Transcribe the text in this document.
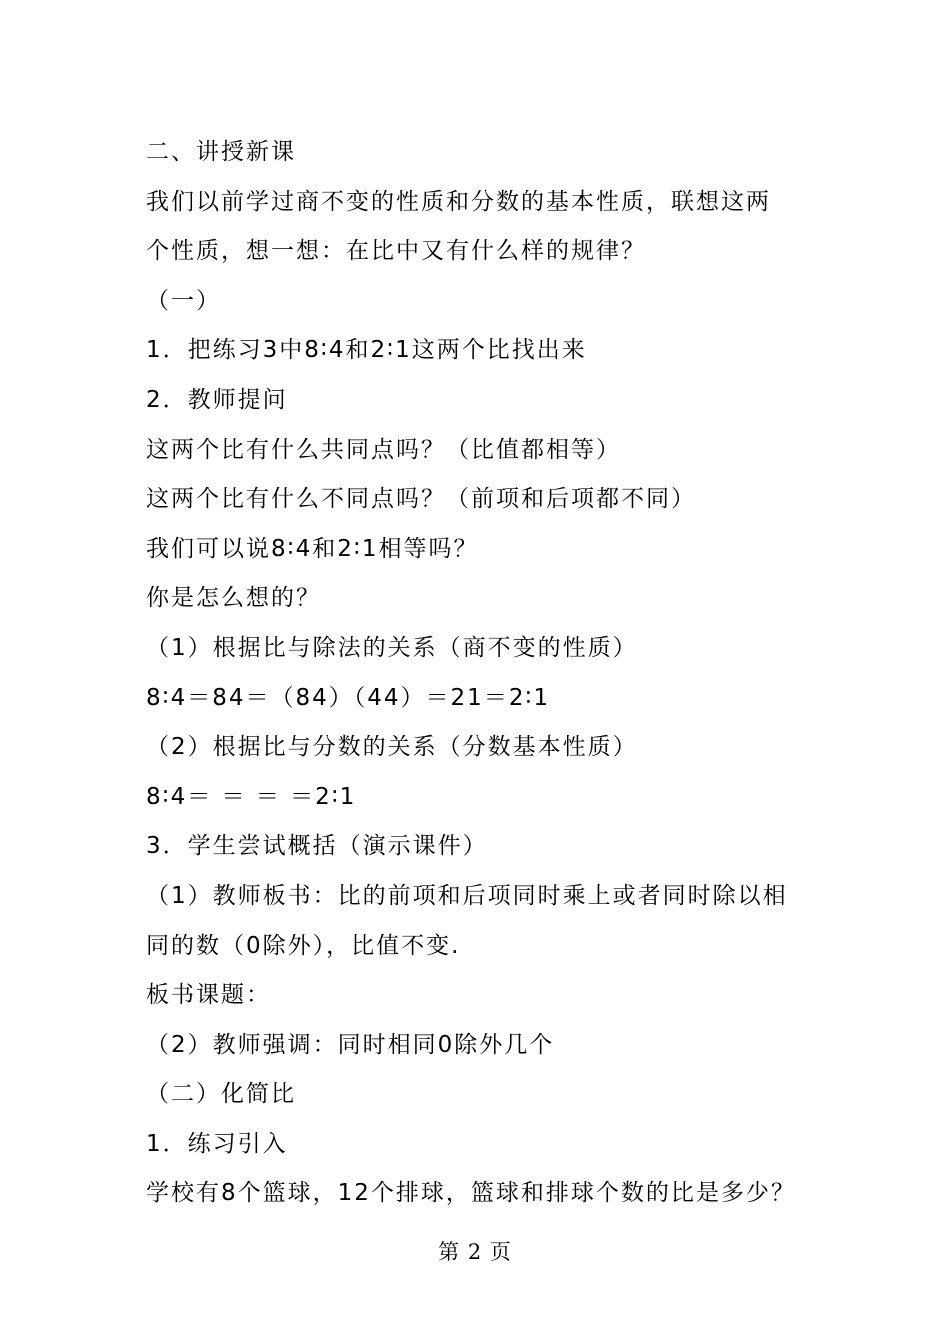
二、讲授新课
我们以前学过商不变的性质和分数的基本性质，联想这两
个性质，想一想：在比中又有什么样的规律？
（一）
1．把练习3中8∶4和2∶1这两个比找出来
2．教师提问
这两个比有什么共同点吗？（比值都相等）
这两个比有什么不同点吗？（前项和后项都不同）
我们可以说8∶4和2∶1相等吗？
你是怎么想的？
（1）根据比与除法的关系（商不变的性质）
8∶4＝84＝（84）（44）＝21＝2∶1
（2）根据比与分数的关系（分数基本性质）
8∶4＝ ＝ ＝ ＝2∶1
3．学生尝试概括（演示课件）
（1）教师板书：比的前项和后项同时乘上或者同时除以相
同的数（0除外），比值不变.
板书课题：
（2）教师强调：同时相同0除外几个
（二）化简比
1．练习引入
学校有8个篮球，12个排球，篮球和排球个数的比是多少？
第 2 页
